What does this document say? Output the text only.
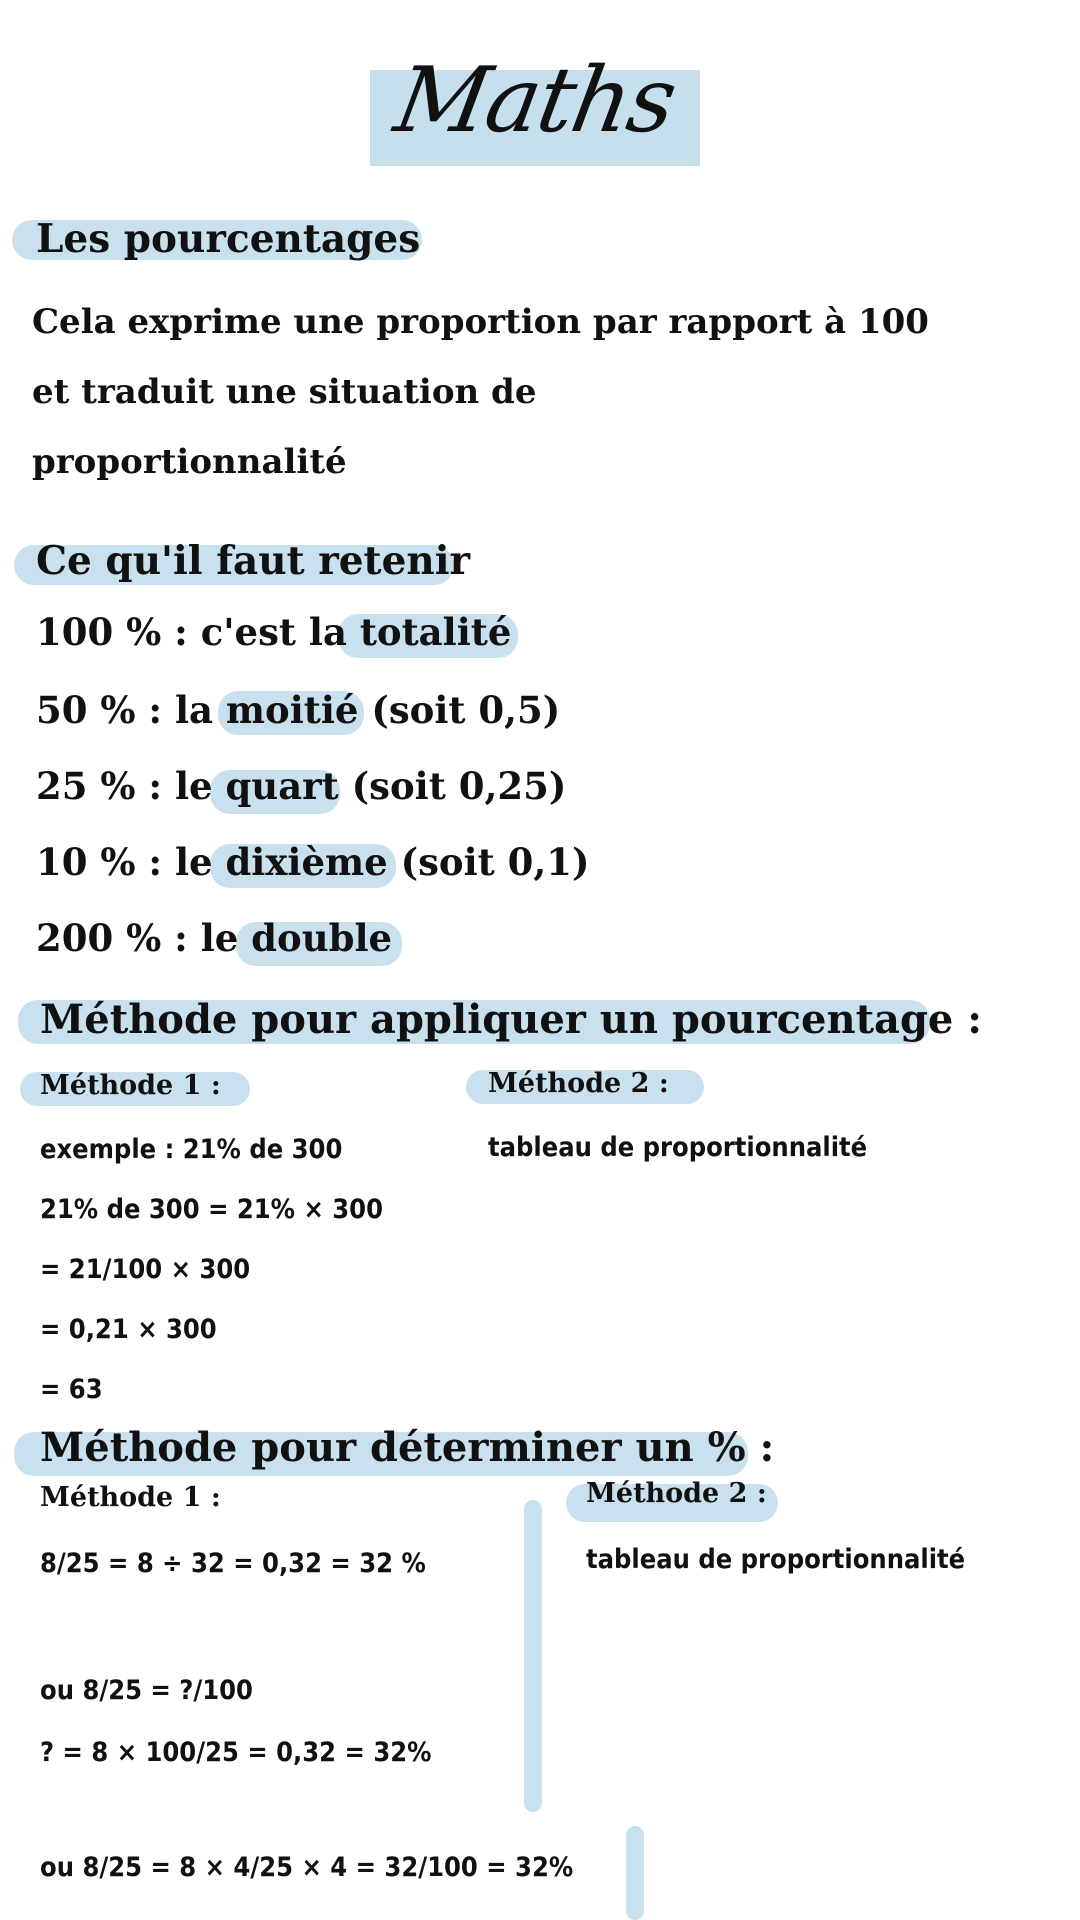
Maths
Les pourcentages
Cela exprime une proportion par rapport à 100
et traduit une situation de
proportionnalité
Ce qu'il faut retenir
100 % : c'est la totalité
50 % : la moitié (soit 0,5)
25 % : le quart (soit 0,25)
10 % : le dixième (soit 0,1)
200 % : le double
Méthode pour appliquer un pourcentage :
Méthode 1 :	Méthode 2 :
exemple : 21% de 300
21% de 300 = 21% × 300
= 21/100 × 300
= 0,21 × 300
= 63
tableau de proportionnalité
Méthode pour déterminer un % :
Méthode 1 :	Méthode 2 :
8/25 = 8 ÷ 32 = 0,32 = 32 %
ou 8/25 = ?/100
? = 8 × 100/25 = 0,32 = 32%
ou 8/25 = 8 × 4/25 × 4 = 32/100 = 32%
tableau de proportionnalité
